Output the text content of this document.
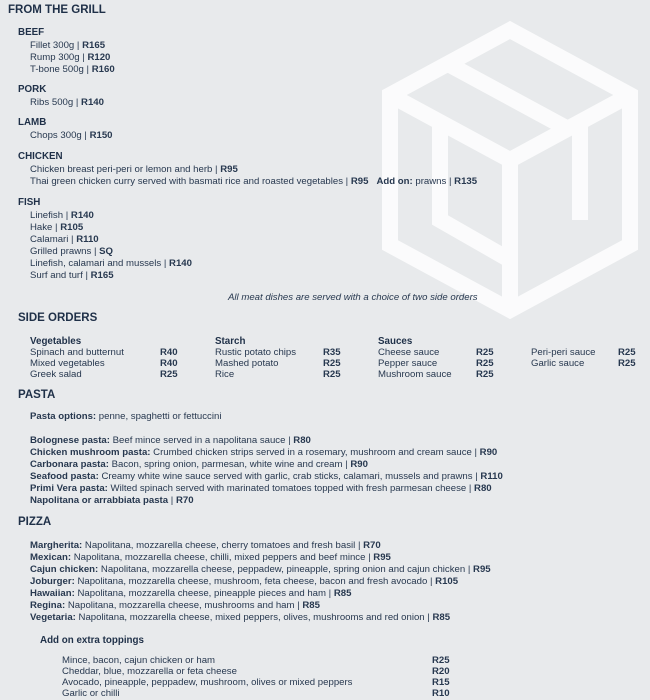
FROM THE GRILL
BEEF
Fillet 300g | R165
Rump 300g | R120
T-bone 500g | R160
PORK
Ribs 500g | R140
LAMB
Chops 300g | R150
CHICKEN
Chicken breast peri-peri or lemon and herb | R95
Thai green chicken curry served with basmati rice and roasted vegetables | R95 Add on: prawns | R135
FISH
Linefish | R140
Hake | R105
Calamari | R110
Grilled prawns | SQ
Linefish, calamari and mussels | R140
Surf and turf | R165
All meat dishes are served with a choice of two side orders
SIDE ORDERS
Vegetables
Spinach and butternut	R40
Mixed vegetables	R40
Greek salad	R25
Starch
Rustic potato chips	R35
Mashed potato	R25
Rice	R25
Sauces
Cheese sauce	R25
Pepper sauce	R25
Mushroom sauce	R25
Peri-peri sauce R25
Garlic sauce	R25
PASTA
Pasta options: penne, spaghetti or fettuccini
Bolognese pasta: Beef mince served in a napolitana sauce | R80
Chicken mushroom pasta: Crumbed chicken strips served in a rosemary, mushroom and cream sauce | R90
Carbonara pasta: Bacon, spring onion, parmesan, white wine and cream | R90
Seafood pasta: Creamy white wine sauce served with garlic, crab sticks, calamari, mussels and prawns | R110
Primi Vera pasta: Wilted spinach served with marinated tomatoes topped with fresh parmesan cheese | R80
Napolitana or arrabbiata pasta | R70
PIZZA
Margherita: Napolitana, mozzarella cheese, cherry tomatoes and fresh basil | R70
Mexican: Napolitana, mozzarella cheese, chilli, mixed peppers and beef mince | R95
Cajun chicken: Napolitana, mozzarella cheese, peppadew, pineapple, spring onion and cajun chicken | R95
Joburger: Napolitana, mozzarella cheese, mushroom, feta cheese, bacon and fresh avocado | R105
Hawaiian: Napolitana, mozzarella cheese, pineapple pieces and ham | R85
Regina: Napolitana, mozzarella cheese, mushrooms and ham | R85
Vegetaria: Napolitana, mozzarella cheese, mixed peppers, olives, mushrooms and red onion | R85
Add on extra toppings
Mince, bacon, cajun chicken or ham	R25
Cheddar, blue, mozzarella or feta cheese	R20
Avocado, pineapple, peppadew, mushroom, olives or mixed peppers	R15
Garlic or chilli	R10
